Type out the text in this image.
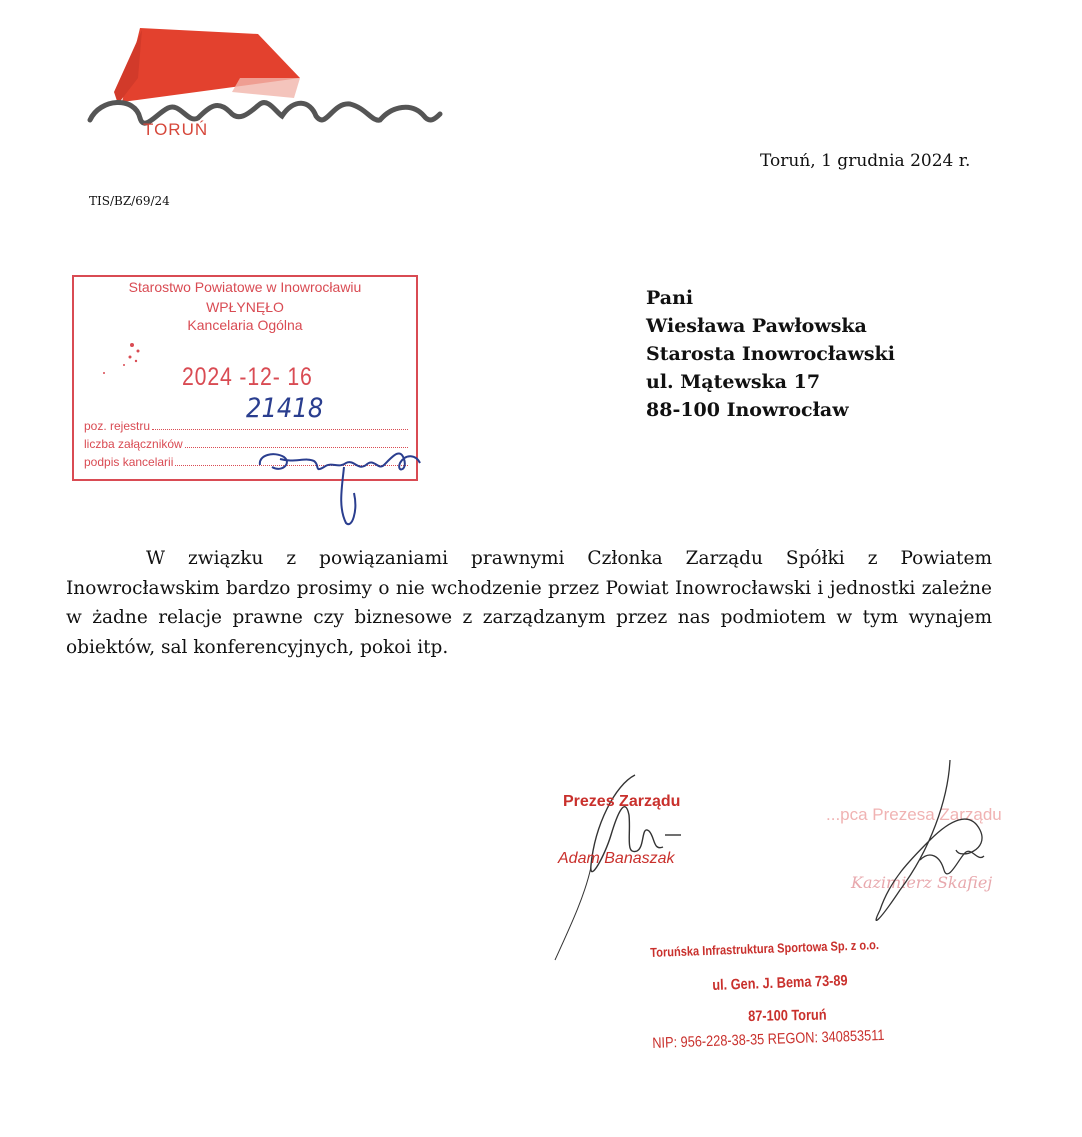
TORUŃ

Toruń, 1 grudnia 2024 r.

TIS/BZ/69/24

Starostwo Powiatowe w Inowrocławiu
WPŁYNĘŁO
Kancelaria Ogólna
2024 -12- 16
poz. rejestru
liczba załączników
podpis kancelarii
21418
Pani
Wiesława Pawłowska
Starosta Inowrocławski
ul. Mątewska 17
88-100 Inowrocław

W związku z powiązaniami prawnymi Członka Zarządu Spółki z Powiatem Inowrocławskim bardzo prosimy o nie wchodzenie przez Powiat Inowrocławski i jednostki zależne w żadne relacje prawne czy biznesowe z zarządzanym przez nas podmiotem w tym wynajem obiektów, sal konferencyjnych, pokoi itp.

Prezes Zarządu

Adam Banaszak

...pca Prezesa Zarządu

Kazimierz Skafiej

Toruńska Infrastruktura Sportowa Sp. z o.o.

ul. Gen. J. Bema 73-89

87-100 Toruń

NIP: 956-228-38-35 REGON: 340853511
